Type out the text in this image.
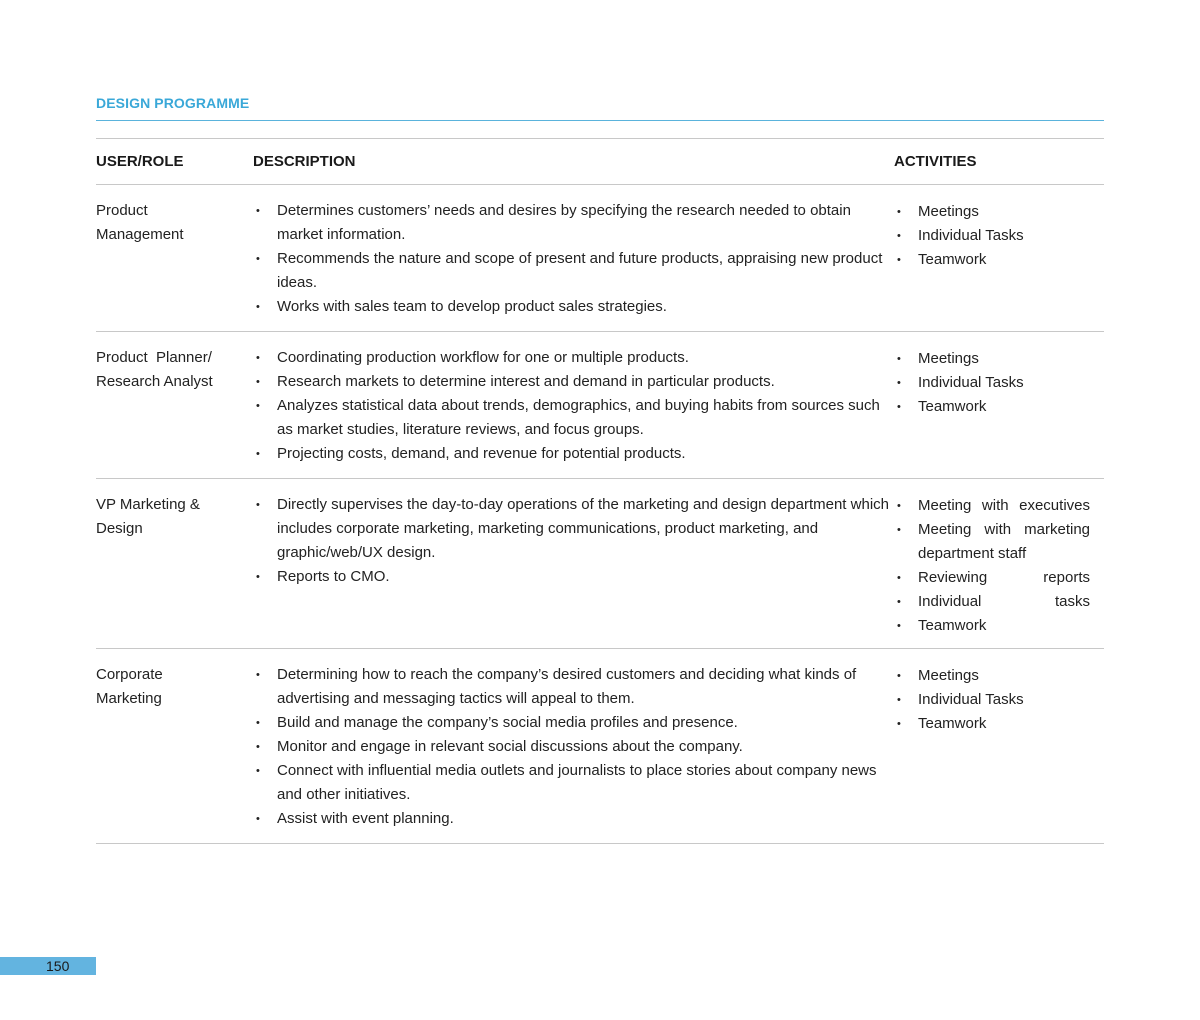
DESIGN PROGRAMME
USER/ROLE	DESCRIPTION	ACTIVITIES
Product
Management
• Determines customers’ needs and desires by specifying the research needed to obtain market information.
• Recommends the nature and scope of present and future products, appraising new product ideas.
• Works with sales team to develop product sales strategies.
• Meetings
• Individual Tasks
• Teamwork
Product  Planner/
Research Analyst
• Coordinating production workflow for one or multiple products.
• Research markets to determine interest and demand in particular products.
• Analyzes statistical data about trends, demographics, and buying habits from sources such as market studies, literature reviews, and focus groups.
• Projecting costs, demand, and revenue for potential products.
• Meetings
• Individual Tasks
• Teamwork
VP Marketing &
Design
• Directly supervises the day-to-day operations of the marketing and design department which includes corporate marketing, marketing communications, product marketing, and graphic/web/UX design.
• Reports to CMO.
• Meeting with executives
• Meeting with marketing department staff
• Reviewing reports
• Individual tasks
• Teamwork
Corporate
Marketing
• Determining how to reach the company’s desired customers and deciding what kinds of advertising and messaging tactics will appeal to them.
• Build and manage the company’s social media profiles and presence.
• Monitor and engage in relevant social discussions about the company.
• Connect with influential media outlets and journalists to place stories about company news and other initiatives.
• Assist with event planning.
• Meetings
• Individual Tasks
• Teamwork
150
